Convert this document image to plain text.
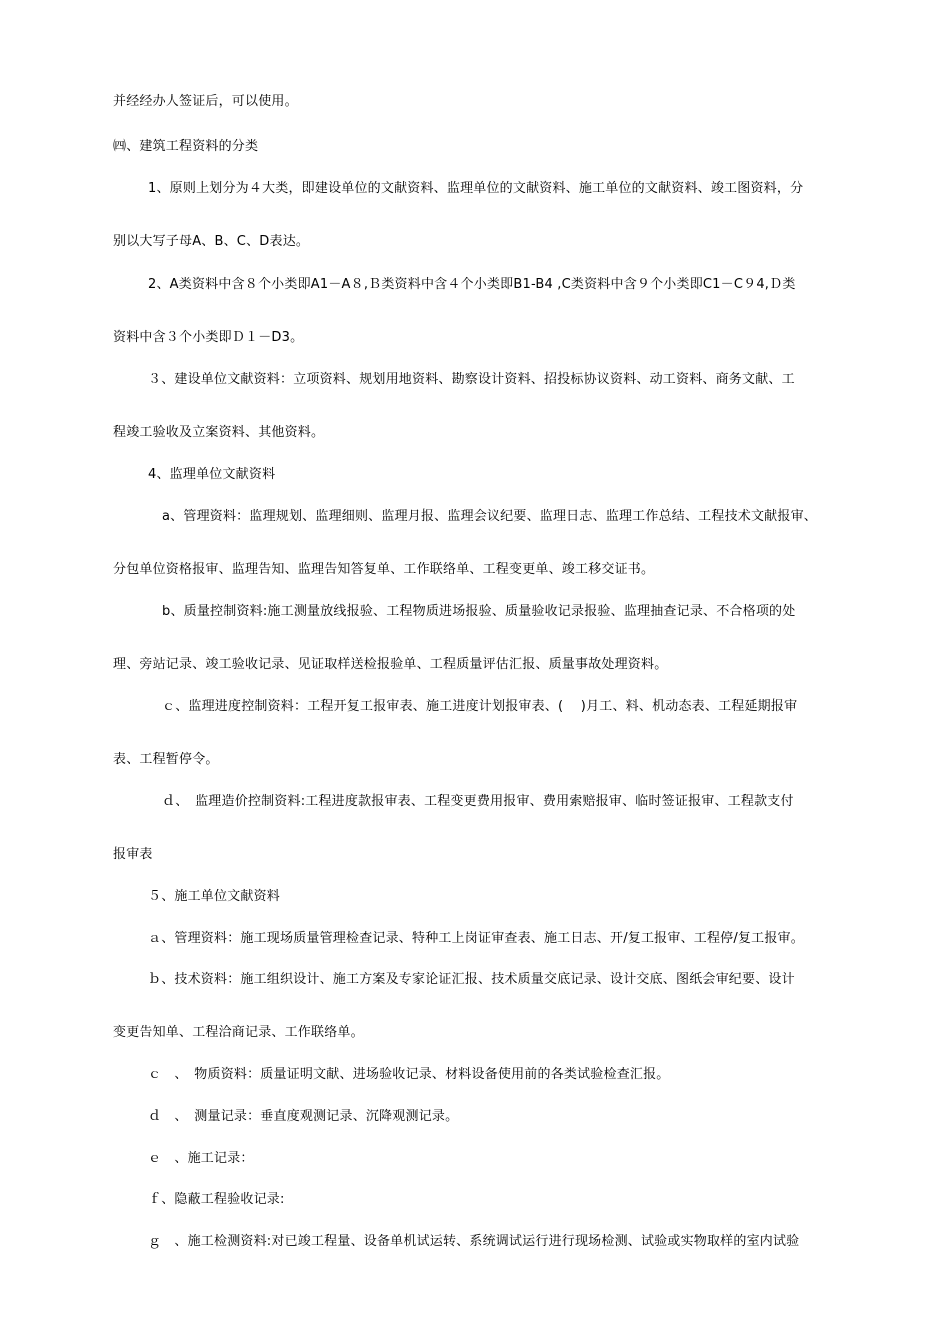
并经经办人签证后，可以使用。
㈣、建筑工程资料的分类
1、原则上划分为４大类，即建设单位的文献资料、监理单位的文献资料、施工单位的文献资料、竣工图资料，分
别以大写子母A、B、C、D表达。
2、A类资料中含８个小类即A1－A８,Ｂ类资料中含４个小类即B1-B4 ,C类资料中含９个小类即C1－C９4,Ｄ类
资料中含３个小类即Ｄ１－D3。
３、建设单位文献资料：立项资料、规划用地资料、勘察设计资料、招投标协议资料、动工资料、商务文献、工
程竣工验收及立案资料、其他资料。
4、监理单位文献资料
a、管理资料：监理规划、监理细则、监理月报、监理会议纪要、监理日志、监理工作总结、工程技术文献报审、
分包单位资格报审、监理告知、监理告知答复单、工作联络单、工程变更单、竣工移交证书。
b、质量控制资料:施工测量放线报验、工程物质进场报验、质量验收记录报验、监理抽查记录、不合格项的处
理、旁站记录、竣工验收记录、见证取样送检报验单、工程质量评估汇报、质量事故处理资料。
ｃ、监理进度控制资料：工程开复工报审表、施工进度计划报审表、(　 )月工、料、机动态表、工程延期报审
表、工程暂停令。
ｄ、　监理造价控制资料:工程进度款报审表、工程变更费用报审、费用索赔报审、临时签证报审、工程款支付
报审表
５、施工单位文献资料
ａ、管理资料：施工现场质量管理检查记录、特种工上岗证审查表、施工日志、开/复工报审、工程停/复工报审。
ｂ、技术资料：施工组织设计、施工方案及专家论证汇报、技术质量交底记录、设计交底、图纸会审纪要、设计
变更告知单、工程洽商记录、工作联络单。
ｃ　、　物质资料：质量证明文献、进场验收记录、材料设备使用前的各类试验检查汇报。
ｄ　、　测量记录：垂直度观测记录、沉降观测记录。
ｅ　、施工记录：
ｆ、隐蔽工程验收记录:
ｇ　、施工检测资料:对已竣工程量、设备单机试运转、系统调试运行进行现场检测、试验或实物取样的室内试验
